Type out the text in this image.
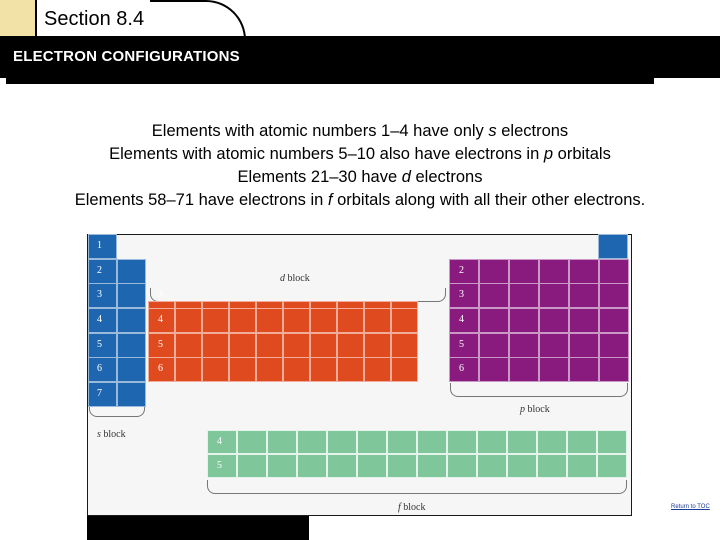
Section 8.4
ELECTRON CONFIGURATIONS
Elements with atomic numbers 1–4 have only s electrons
Elements with atomic numbers 5–10 also have electrons in p orbitals
Elements 21–30 have d electrons
Elements 58–71 have electrons in f orbitals along with all their other electrons.
d block
s block
p block
f block	Return to TOC
1
2
3
4
5
6
7
3
4
5
6
2
3
4
5
6
4
5
